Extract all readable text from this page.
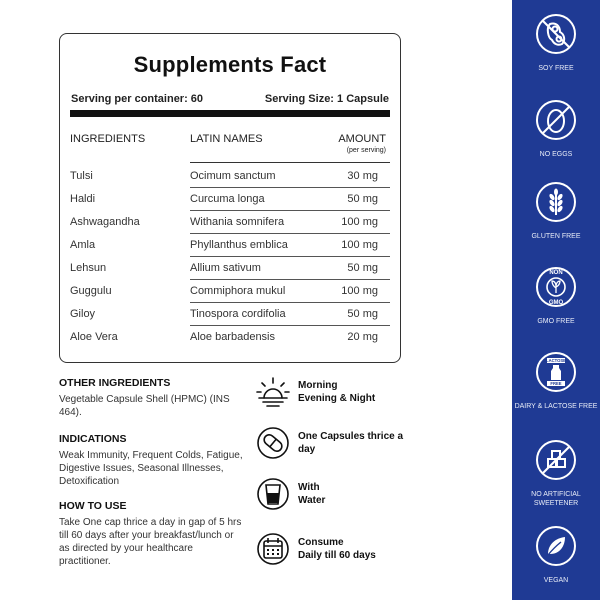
Supplements Fact
Serving per container: 60	Serving Size: 1 Capsule
INGREDIENTS	LATIN NAMES	AMOUNT
(per serving)
Tulsi	Ocimum sanctum	30 mg
Haldi	Curcuma longa	50 mg
Ashwagandha	Withania somnifera	100 mg
Amla	Phyllanthus emblica	100 mg
Lehsun	Allium sativum	50 mg
Guggulu	Commiphora mukul	100 mg
Giloy	Tinospora cordifolia	50 mg
Aloe Vera	Aloe barbadensis	20 mg
OTHER INGREDIENTS
Vegetable Capsule Shell (HPMC) (INS 464).
INDICATIONS
Weak Immunity, Frequent Colds, Fatigue, Digestive Issues, Seasonal Illnesses, Detoxification
HOW TO USE
Take One cap thrice a day in gap of 5 hrs till 60 days after your breakfast/lunch or as directed by your healthcare practitioner.
Morning
Evening & Night
One Capsules thrice a day
With
Water
Consume
Daily till 60 days
SOY FREE
NO EGGS
GLUTEN FREE
NON
GMO
GMO FREE
LACTOSE
FREE
DAIRY & LACTOSE FREE
NO ARTIFICIAL SWEETENER
VEGAN
